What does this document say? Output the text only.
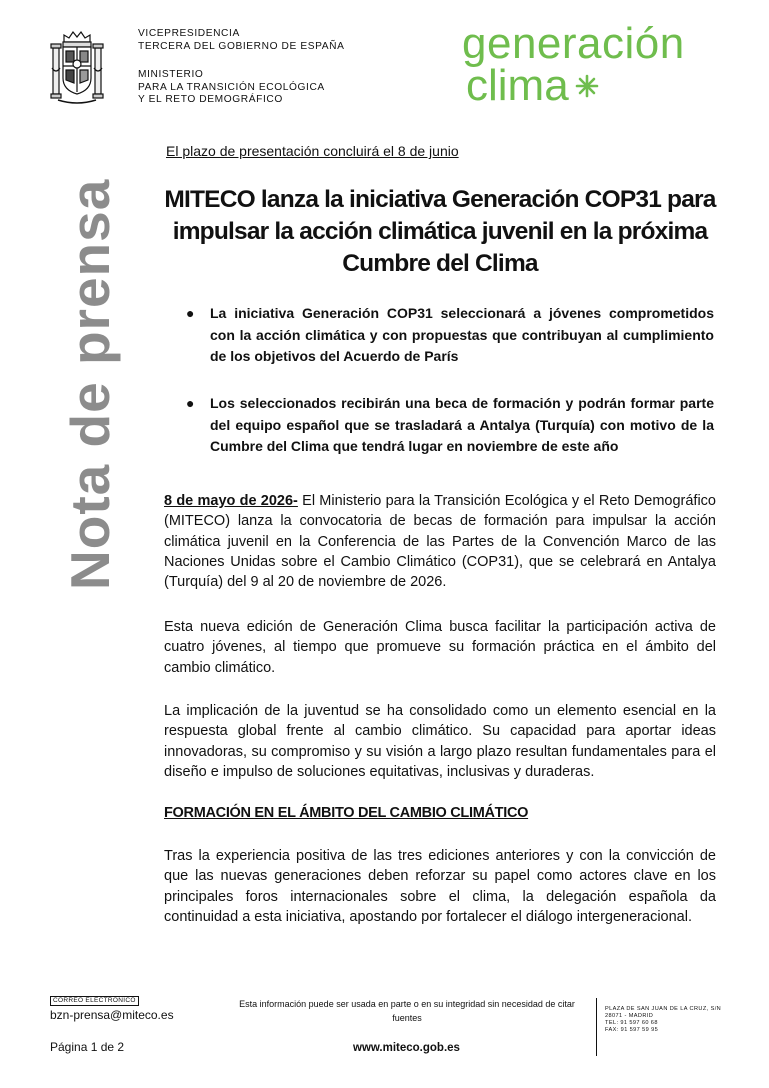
VICEPRESIDENCIA
TERCERA DEL GOBIERNO DE ESPAÑA
MINISTERIO
PARA LA TRANSICIÓN ECOLÓGICA
Y EL RETO DEMOGRÁFICO
generación
clima
Nota de prensa
El plazo de presentación concluirá el 8 de junio
MITECO lanza la iniciativa Generación COP31 para impulsar la acción climática juvenil en la próxima Cumbre del Clima
●	La iniciativa Generación COP31 seleccionará a jóvenes comprometidos con la acción climática y con propuestas que contribuyan al cumplimiento de los objetivos del Acuerdo de París
●	Los seleccionados recibirán una beca de formación y podrán formar parte del equipo español que se trasladará a Antalya (Turquía) con motivo de la Cumbre del Clima que tendrá lugar en noviembre de este año
8 de mayo de 2026- El Ministerio para la Transición Ecológica y el Reto Demográfico (MITECO) lanza la convocatoria de becas de formación para impulsar la acción climática juvenil en la Conferencia de las Partes de la Convención Marco de las Naciones Unidas sobre el Cambio Climático (COP31), que se celebrará en Antalya (Turquía) del 9 al 20 de noviembre de 2026.
Esta nueva edición de Generación Clima busca facilitar la participación activa de cuatro jóvenes, al tiempo que promueve su formación práctica en el ámbito del cambio climático.
La implicación de la juventud se ha consolidado como un elemento esencial en la respuesta global frente al cambio climático. Su capacidad para aportar ideas innovadoras, su compromiso y su visión a largo plazo resultan fundamentales para el diseño e impulso de soluciones equitativas, inclusivas y duraderas.
FORMACIÓN EN EL ÁMBITO DEL CAMBIO CLIMÁTICO
Tras la experiencia positiva de las tres ediciones anteriores y con la convicción de que las nuevas generaciones deben reforzar su papel como actores clave en los principales foros internacionales sobre el clima, la delegación española da continuidad a esta iniciativa, apostando por fortalecer el diálogo intergeneracional.
CORREO ELECTRÓNICO
bzn-prensa@miteco.es
Esta información puede ser usada en parte o en su integridad sin necesidad de citar fuentes
PLAZA DE SAN JUAN DE LA CRUZ, S/N
28071 - MADRID
TEL: 91 597 60 68
FAX: 91 597 59 95
Página 1 de 2	www.miteco.gob.es
